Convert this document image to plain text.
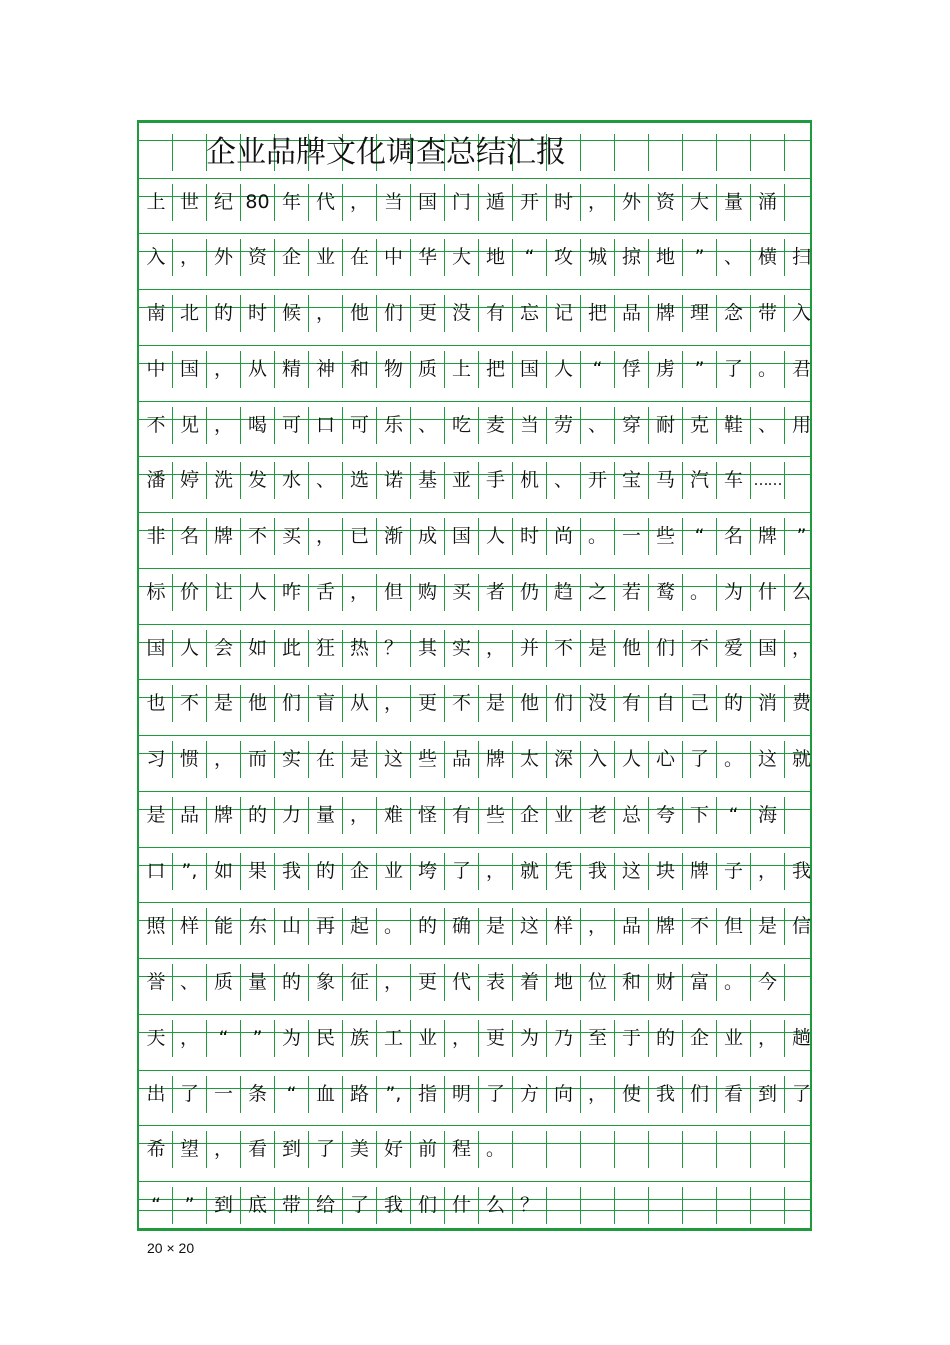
企业品牌文化调查总结汇报
上 世 纪 80 年 代 ， 当 国 门 遁 开 时 ， 外 资 大 量 涌
入 ， 外 资 企 业 在 中 华 大 地	“	攻 城 掠 地	”	、 横 扫
南 北 的 时 候 ， 他 们 更 没 有 忘 记 把 品 牌 理 念 带 入
中 国 ， 从 精 神 和 物 质 上 把 国 人	“	俘 虏	”	了 。 君
不 见 ， 喝 可 口 可 乐 、 吃 麦 当 劳 、 穿 耐 克 鞋 、 用
潘 婷 洗 发 水 、 选 诺 基 亚 手 机 、 开 宝 马 汽 车 ……
非 名 牌 不 买 ， 已 渐 成 国 人 时 尚 。 一 些	“	名 牌	”
标 价 让 人 咋 舌 ， 但 购 买 者 仍 趋 之 若 鹜 。 为 什 么
国 人 会 如 此 狂 热 ？ 其 实 ， 并 不 是 他 们 不 爱 国 ，
也 不 是 他 们 盲 从 ， 更 不 是 他 们 没 有 自 己 的 消 费
习 惯 ， 而 实 在 是 这 些 品 牌 太 深 入 人 心 了 。 这 就
是 品 牌 的 力 量 ， 难 怪 有 些 企 业 老 总 夸 下	“	海
口 ”, 如 果 我 的 企 业 垮 了 ， 就 凭 我 这 块 牌 子 ， 我
照 样 能 东 山 再 起 。 的 确 是 这 样 ， 品 牌 不 但 是 信
誉 、 质 量 的 象 征 ， 更 代 表 着 地 位 和 财 富 。 今
天 ，	“	”	为 民 族 工 业 ， 更 为 乃 至 于 的 企 业 ， 趟
出 了 一 条	“	血 路 ”, 指 明 了 方 向 ， 使 我 们 看 到 了
希 望 ， 看 到 了 美 好 前 程 。
“	”	到 底 带 给 了 我 们 什 么 ？
20 × 20
